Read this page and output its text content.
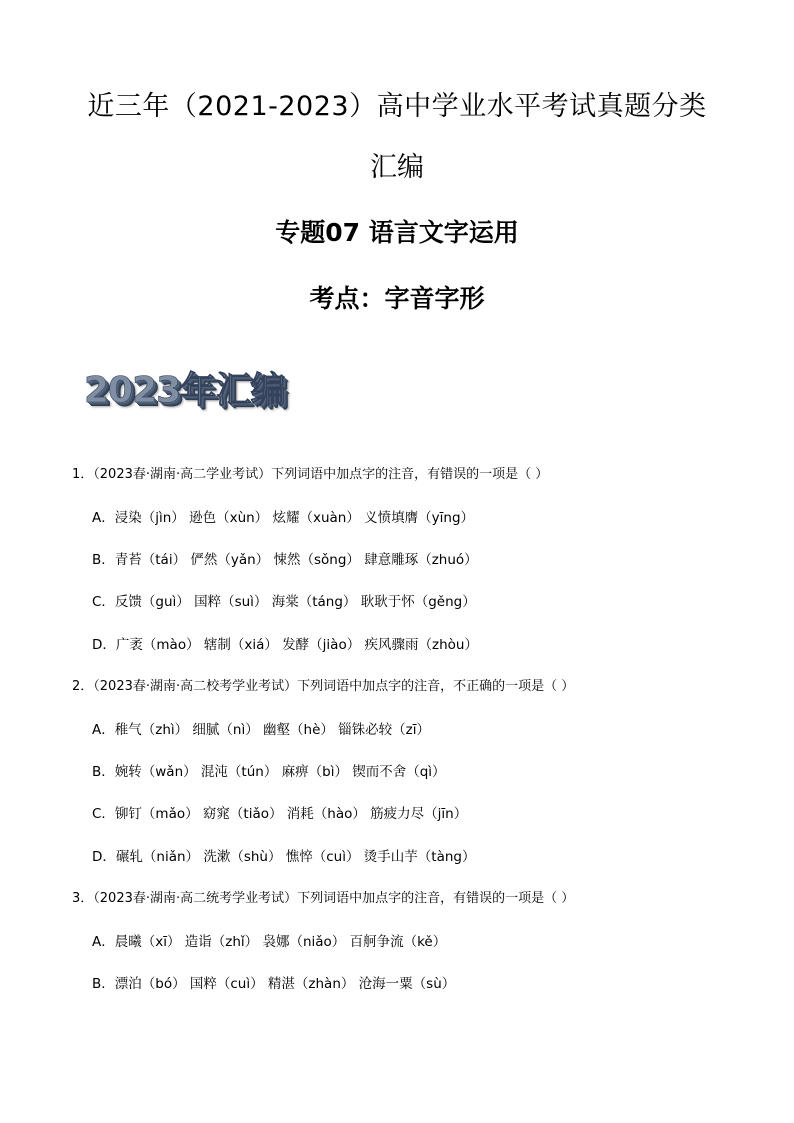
近三年（2021-2023）高中学业水平考试真题分类
汇编
专题07 语言文字运用
考点：字音字形
2023年汇编
1．（2023春·湖南·高二学业考试）下列词语中加点字的注音，有错误的一项是（ ）
A．浸染（jìn） 逊色（xùn） 炫耀（xuàn） 义愤填膺（yīng）
B．青苔（tái） 俨然（yǎn） 悚然（sǒng） 肆意雕琢（zhuó）
C．反馈（guì） 国粹（suì） 海棠（táng） 耿耿于怀（gěng）
D．广袤（mào） 辖制（xiá） 发酵（jiào） 疾风骤雨（zhòu）
2．（2023春·湖南·高二校考学业考试）下列词语中加点字的注音，不正确的一项是（ ）
A．稚气（zhì） 细腻（nì） 幽壑（hè） 锱铢必较（zī）
B．婉转（wǎn） 混沌（tún） 麻痹（bì） 锲而不舍（qì）
C．铆钉（mǎo） 窈窕（tiǎo） 消耗（hào） 筋疲力尽（jīn）
D．碾轧（niǎn） 洗漱（shù） 憔悴（cuì） 烫手山芋（tàng）
3．（2023春·湖南·高二统考学业考试）下列词语中加点字的注音，有错误的一项是（ ）
A．晨曦（xī） 造诣（zhǐ） 袅娜（niǎo） 百舸争流（kě）
B．漂泊（bó） 国粹（cuì） 精湛（zhàn） 沧海一粟（sù）
